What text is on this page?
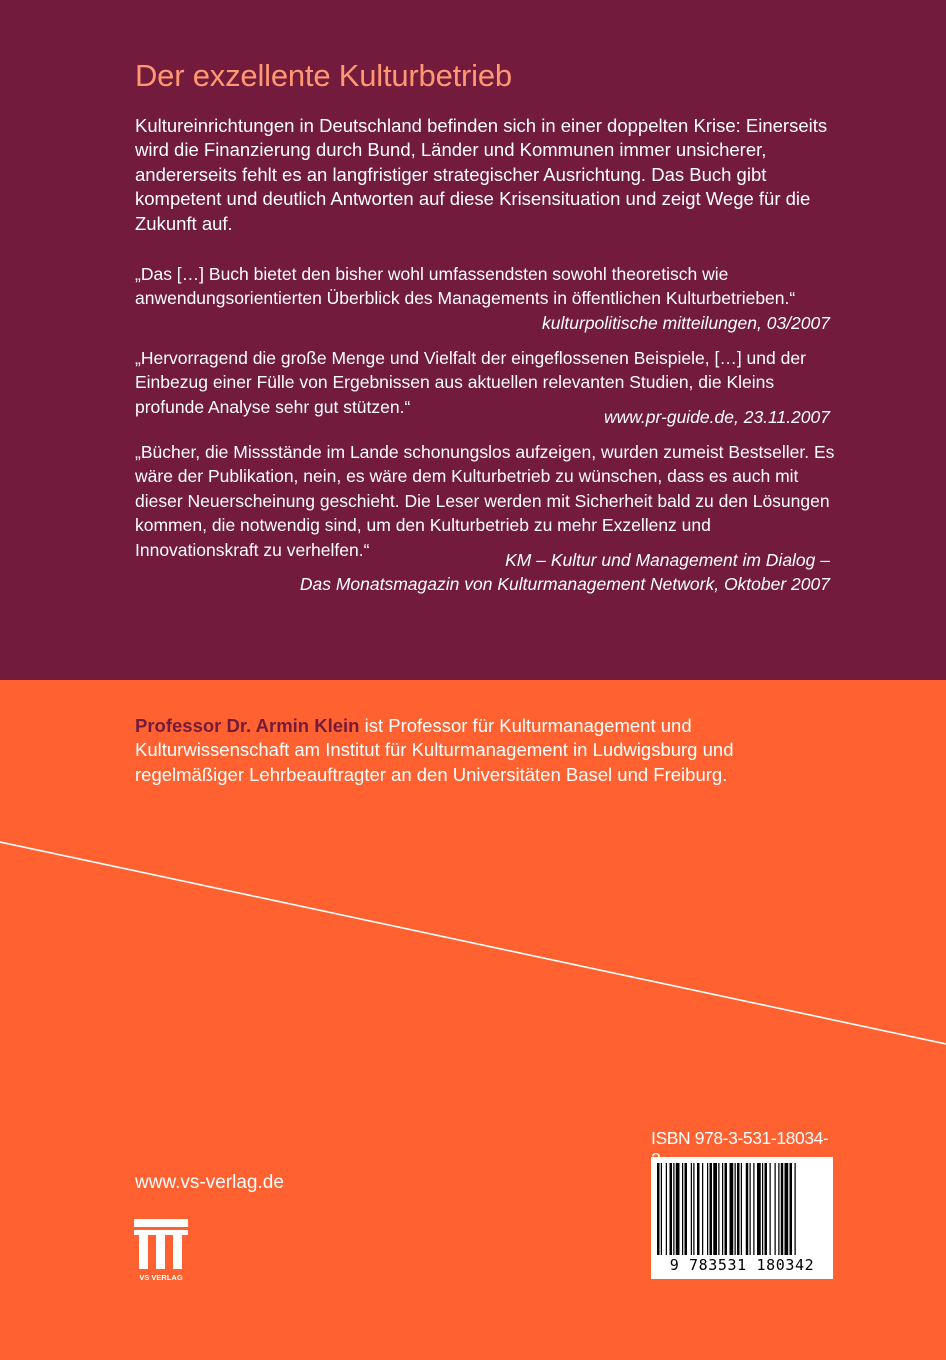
Der exzellente Kulturbetrieb

Kultureinrichtungen in Deutschland befinden sich in einer doppelten Krise: Einerseits wird die Finanzierung durch Bund, Länder und Kommunen immer unsicherer, andererseits fehlt es an langfristiger strategischer Ausrichtung. Das Buch gibt kompetent und deutlich Antworten auf diese Krisensituation und zeigt Wege für die Zukunft auf.

„Das […] Buch bietet den bisher wohl umfassendsten sowohl theoretisch wie anwendungsorientierten Überblick des Managements in öffentlichen Kulturbetrieben.“

kulturpolitische mitteilungen, 03/2007

„Hervorragend die große Menge und Vielfalt der eingeflossenen Beispiele, […] und der Einbezug einer Fülle von Ergebnissen aus aktuellen relevanten Studien, die Kleins profunde Analyse sehr gut stützen.“

www.pr-guide.de, 23.11.2007

„Bücher, die Missstände im Lande schonungslos aufzeigen, wurden zumeist Bestseller. Es wäre der Publikation, nein, es wäre dem Kulturbetrieb zu wünschen, dass es auch mit dieser Neuerscheinung geschieht. Die Leser werden mit Sicherheit bald zu den Lösungen kommen, die notwendig sind, um den Kulturbetrieb zu mehr Exzellenz und Innovationskraft zu verhelfen.“

KM – Kultur und Management im Dialog –

Das Monatsmagazin von Kulturmanagement Network, Oktober 2007

Professor Dr. Armin Klein ist Professor für Kulturmanagement und Kulturwissenschaft am Institut für Kulturmanagement in Ludwigsburg und regelmäßiger Lehrbeauftragter an den Universitäten Basel und Freiburg.

www.vs-verlag.de

VS VERLAG

ISBN 978-3-531-18034-

9 783531 180342
